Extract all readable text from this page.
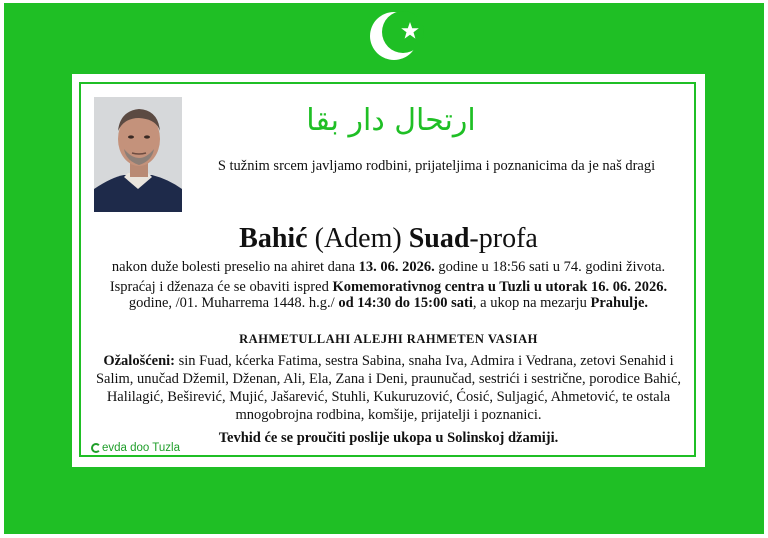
ارتحال دار بقا
S tužnim srcem javljamo rodbini, prijateljima i poznanicima da je naš dragi
Bahić (Adem) Suad-profa
nakon duže bolesti preselio na ahiret dana 13. 06. 2026. godine u 18:56 sati u 74. godini života.
Ispraćaj i dženaza će se obaviti ispred Komemorativnog centra u Tuzli u utorak 16. 06. 2026.
godine, /01. Muharrema 1448. h.g./ od 14:30 do 15:00 sati, a ukop na mezarju Prahulje.
RAHMETULLAHI ALEJHI RAHMETEN VASIAH
Ožalošćeni: sin Fuad, kćerka Fatima, sestra Sabina, snaha Iva, Admira i Vedrana, zetovi Senahid i
Salim, unučad Džemil, Dženan, Ali, Ela, Zana i Deni, praunučad, sestrići i sestrične, porodice Bahić,
Halilagić, Beširević, Mujić, Jašarević, Stuhli, Kukuruzović, Ćosić, Suljagić, Ahmetović, te ostala
mnogobrojna rodbina, komšije, prijatelji i poznanici.
Tevhid će se proučiti poslije ukopa u Solinskoj džamiji.
evda doo Tuzla
